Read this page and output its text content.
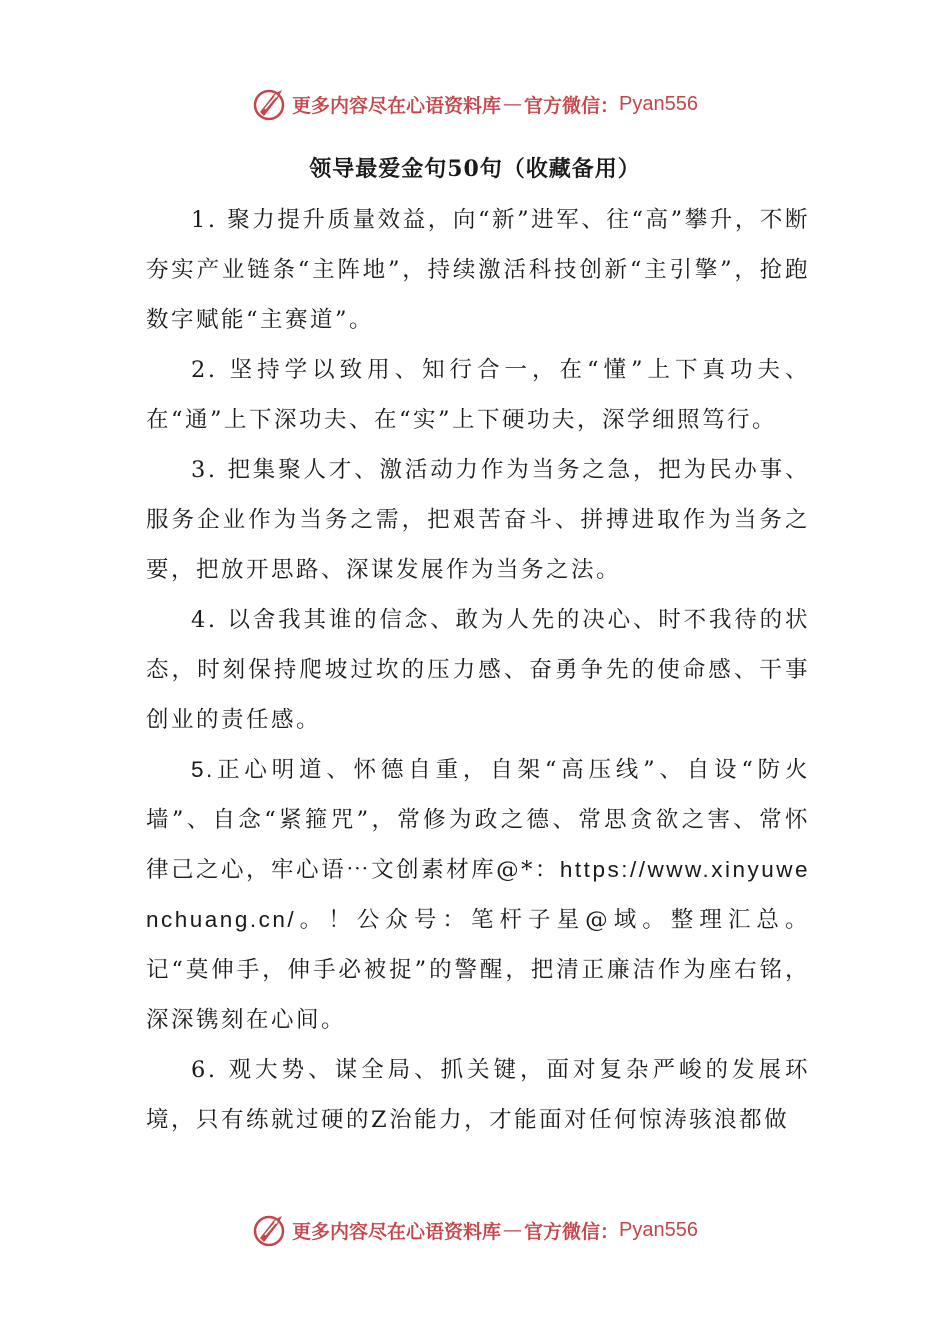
更多内容尽在心语资料库 — 官方微信： Pyan556
领导最爱金句50句（收藏备用）

1. 聚力提升质量效益，向“新”进军、往“高”攀升，不断夯实产业链条“主阵地”，持续激活科技创新“主引擎”，抢跑数字赋能“主赛道”。

2. 坚持学以致用、知行合一，在“懂”上下真功夫、在“通”上下深功夫、在“实”上下硬功夫，深学细照笃行。

3. 把集聚人才、激活动力作为当务之急，把为民办事、服务企业作为当务之需，把艰苦奋斗、拼搏进取作为当务之要，把放开思路、深谋发展作为当务之法。

4. 以舍我其谁的信念、敢为人先的决心、时不我待的状态，时刻保持爬坡过坎的压力感、奋勇争先的使命感、干事创业的责任感。

5.正心明道、怀德自重，自架“高压线”、自设“防火墙”、自念“紧箍咒”，常修为政之德、常思贪欲之害、常怀律己之心，牢心语⋯文创素材库@*：https://www.xinyuwenchuang.cn/。！公众号：笔杆子星@域。整理汇总。记“莫伸手，伸手必被捉”的警醒，把清正廉洁作为座右铭，深深镌刻在心间。

6. 观大势、谋全局、抓关键，面对复杂严峻的发展环境，只有练就过硬的Z治能力，才能面对任何惊涛骇浪都做

更多内容尽在心语资料库 — 官方微信： Pyan556
